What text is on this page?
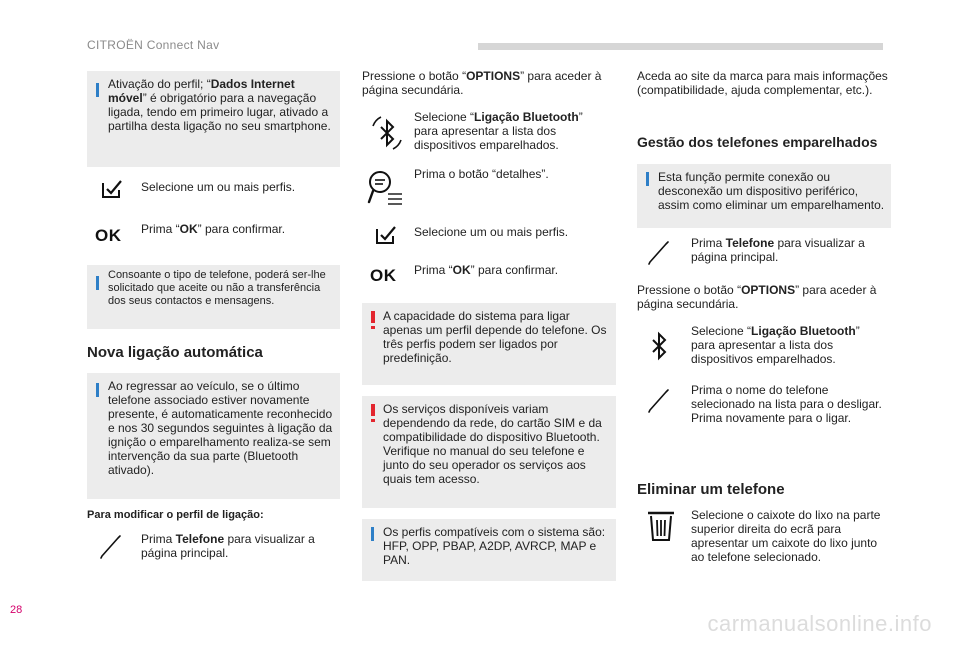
CITROËN Connect Nav
Ativação do perfil; “Dados Internet móvel” é obrigatório para a navegação ligada, tendo em primeiro lugar, ativado a partilha desta ligação no seu smartphone.
Selecione um ou mais perfis.
OK Prima “OK” para confirmar.
Consoante o tipo de telefone, poderá ser-lhe solicitado que aceite ou não a transferência dos seus contactos e mensagens.
Nova ligação automática
Ao regressar ao veículo, se o último telefone associado estiver novamente presente, é automaticamente reconhecido e nos 30 segundos seguintes à ligação da ignição o emparelhamento realiza-se sem intervenção da sua parte (Bluetooth ativado).
Para modificar o perfil de ligação:
Prima Telefone para visualizar a página principal.
Pressione o botão “OPTIONS” para aceder à página secundária.
Selecione “Ligação Bluetooth” para apresentar a lista dos dispositivos emparelhados.
Prima o botão “detalhes”.
Selecione um ou mais perfis.
OK Prima “OK” para confirmar.
A capacidade do sistema para ligar apenas um perfil depende do telefone. Os três perfis podem ser ligados por predefinição.
Os serviços disponíveis variam dependendo da rede, do cartão SIM e da compatibilidade do dispositivo Bluetooth. Verifique no manual do seu telefone e junto do seu operador os serviços aos quais tem acesso.
Os perfis compatíveis com o sistema são: HFP, OPP, PBAP, A2DP, AVRCP, MAP e PAN.
Aceda ao site da marca para mais informações (compatibilidade, ajuda complementar, etc.).
Gestão dos telefones emparelhados
Esta função permite conexão ou desconexão um dispositivo periférico, assim como eliminar um emparelhamento.
Prima Telefone para visualizar a página principal.
Pressione o botão “OPTIONS” para aceder à página secundária.
Selecione “Ligação Bluetooth” para apresentar a lista dos dispositivos emparelhados.
Prima o nome do telefone selecionado na lista para o desligar. Prima novamente para o ligar.
Eliminar um telefone
Selecione o caixote do lixo na parte superior direita do ecrã para apresentar um caixote do lixo junto ao telefone selecionado.
28
carmanualsonline.info
